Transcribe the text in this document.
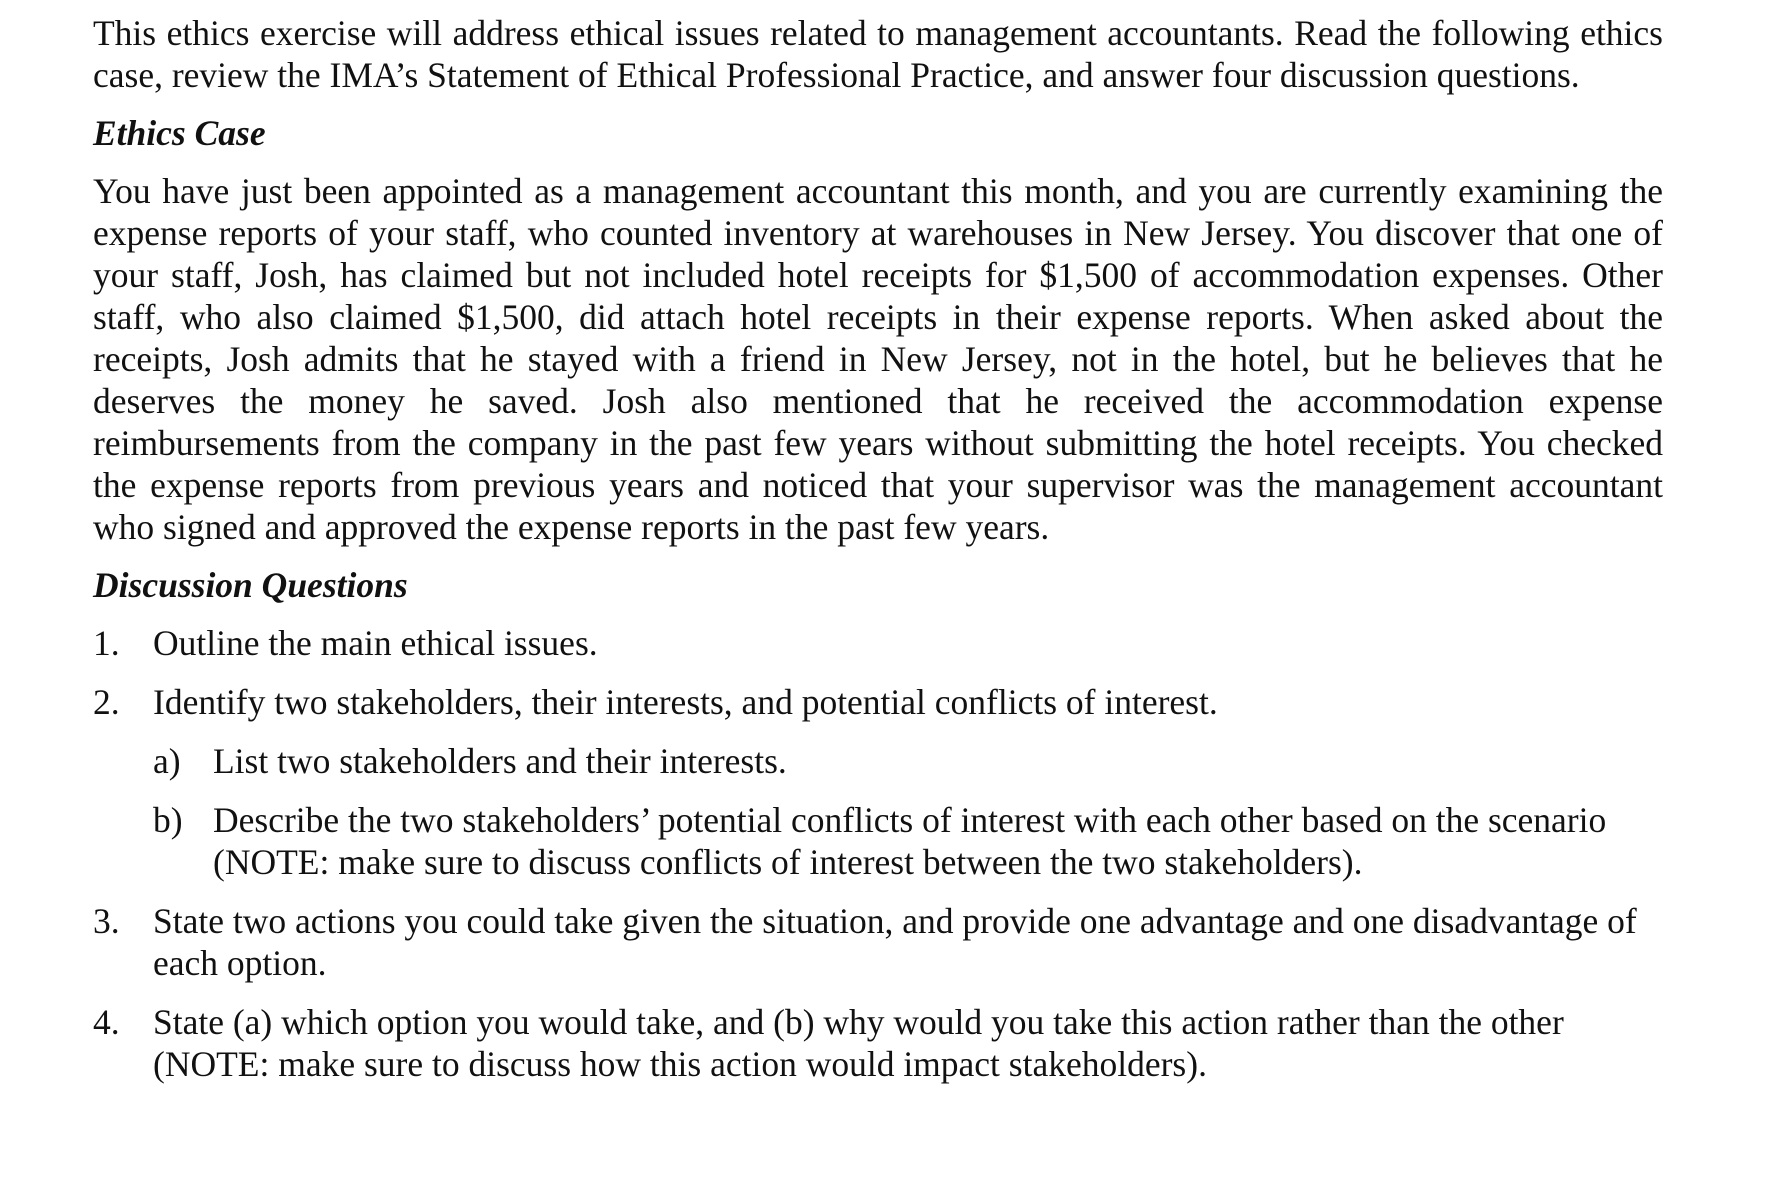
This ethics exercise will address ethical issues related to management accountants. Read the following ethics case, review the IMA’s Statement of Ethical Professional Practice, and answer four discussion questions.

Ethics Case

You have just been appointed as a management accountant this month, and you are currently examining the expense reports of your staff, who counted inventory at warehouses in New Jersey. You discover that one of your staff, Josh, has claimed but not included hotel receipts for $1,500 of accommodation expenses. Other staff, who also claimed $1,500, did attach hotel receipts in their expense reports. When asked about the receipts, Josh admits that he stayed with a friend in New Jersey, not in the hotel, but he believes that he deserves the money he saved. Josh also mentioned that he received the accommodation expense reimbursements from the company in the past few years without submitting the hotel receipts. You checked the expense reports from previous years and noticed that your supervisor was the management accountant who signed and approved the expense reports in the past few years.

Discussion Questions
1. Outline the main ethical issues.
2. Identify two stakeholders, their interests, and potential conflicts of interest.
a) List two stakeholders and their interests.
b) Describe the two stakeholders’ potential conflicts of interest with each other based on the scenario (NOTE: make sure to discuss conflicts of interest between the two stakeholders).
3. State two actions you could take given the situation, and provide one advantage and one disadvantage of each option.
4. State (a) which option you would take, and (b) why would you take this action rather than the other (NOTE: make sure to discuss how this action would impact stakeholders).
